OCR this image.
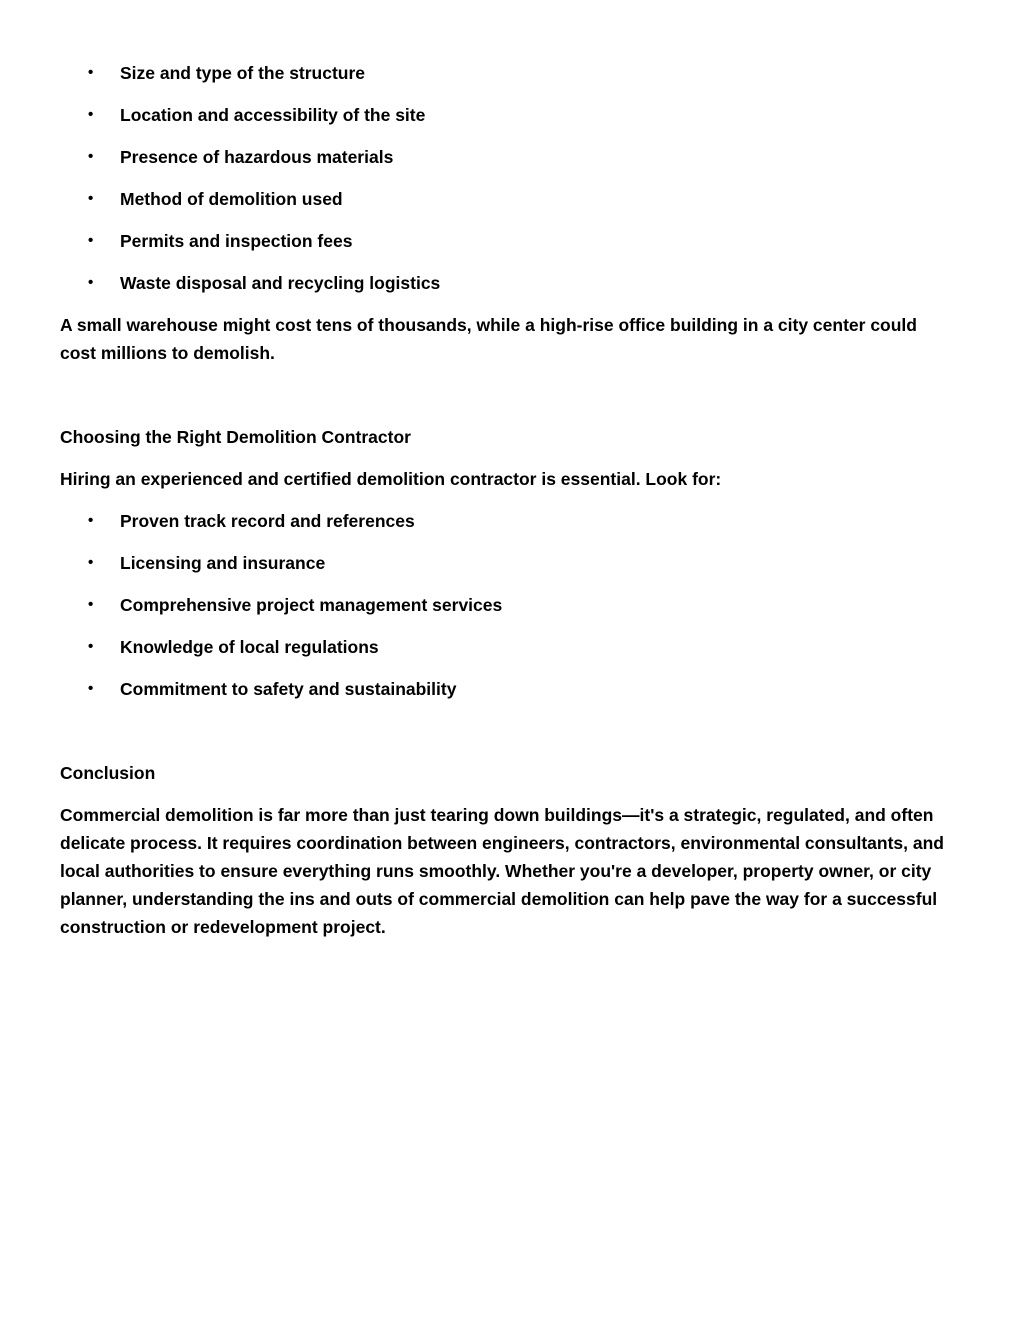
• Size and type of the structure
• Location and accessibility of the site
• Presence of hazardous materials
• Method of demolition used
• Permits and inspection fees
• Waste disposal and recycling logistics

A small warehouse might cost tens of thousands, while a high-rise office building in a city center could cost millions to demolish.

Choosing the Right Demolition Contractor

Hiring an experienced and certified demolition contractor is essential. Look for:

• Proven track record and references
• Licensing and insurance
• Comprehensive project management services
• Knowledge of local regulations
• Commitment to safety and sustainability

Conclusion

Commercial demolition is far more than just tearing down buildings—it's a strategic, regulated, and often delicate process. It requires coordination between engineers, contractors, environmental consultants, and local authorities to ensure everything runs smoothly. Whether you're a developer, property owner, or city planner, understanding the ins and outs of commercial demolition can help pave the way for a successful construction or redevelopment project.
